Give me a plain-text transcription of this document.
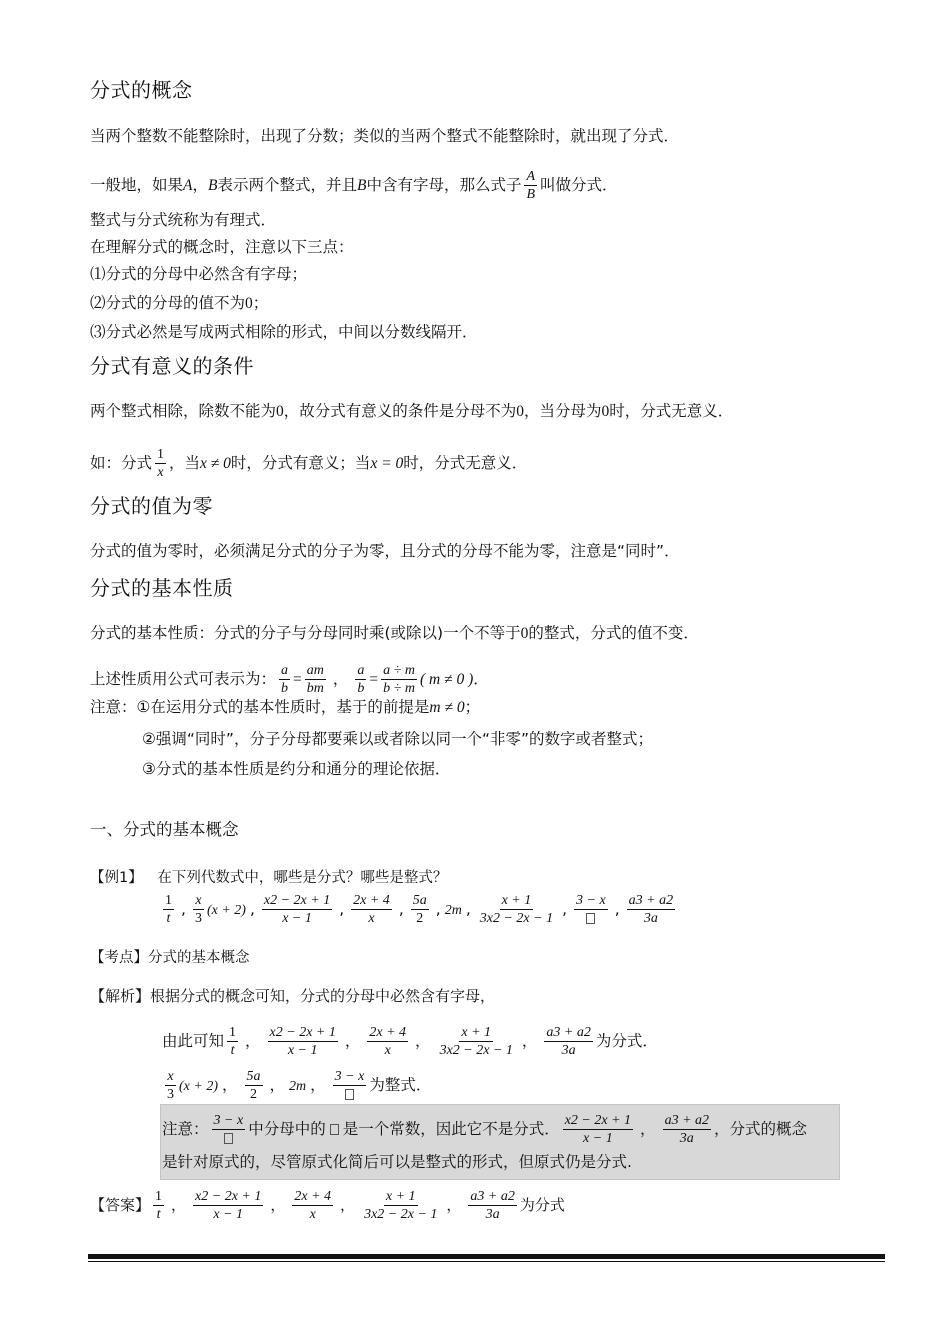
分式的概念
当两个整数不能整除时，出现了分数；类似的当两个整式不能整除时，就出现了分式．
一般地，如果A，B表示两个整式，并且B中含有字母，那么式子 $\frac{A}{B}$ 叫做分式．
整式与分式统称为有理式．
在理解分式的概念时，注意以下三点：
⑴分式的分母中必然含有字母；
⑵分式的分母的值不为0；
⑶分式必然是写成两式相除的形式，中间以分数线隔开．
分式有意义的条件
两个整式相除，除数不能为0，故分式有意义的条件是分母不为0，当分母为0时，分式无意义．
如：分式 $\frac{1}{x}$ ，当x ≠ 0时，分式有意义；当x = 0时，分式无意义．
分式的值为零
分式的值为零时，必须满足分式的分子为零，且分式的分母不能为零，注意是“同时”．
分式的基本性质
分式的基本性质：分式的分子与分母同时乘(或除以)一个不等于0的整式，分式的值不变．
上述性质用公式可表示为： $\frac{a}{b} = \frac{am}{bm}$ ， $\frac{a}{b} = \frac{a \div m}{b \div m}$ ( m ≠ 0 )．
注意：①在运用分式的基本性质时，基于的前提是m ≠ 0；
②强调“同时”，分子分母都要乘以或者除以同一个“非零”的数字或者整式；
③分式的基本性质是约分和通分的理论依据．
一、分式的基本概念
【例1】 在下列代数式中，哪些是分式？哪些是整式？
$\frac{1}{t}$ , $\frac{x}{3} (x + 2)$ , $\frac{x2 - 2x + 1}{x - 1}$ , $\frac{2x + 4}{x}$ , $\frac{5a}{2}$ , 2m , $\frac{x + 1}{3x2 - 2x - 1}$ , 3 − x , $\frac{a3 + a2}{3a}$
【考点】分式的基本概念
【解析】根据分式的概念可知，分式的分母中必然含有字母，
由此可知 $\frac{1}{t}$ ， $\frac{x2 - 2x + 1}{x - 1}$ ， $\frac{2x + 4}{x}$ ， $\frac{x + 1}{3x2 - 2x - 1}$ ， $\frac{a3 + a2}{3a}$ 为分式．
$\frac{x}{3} (x + 2)$ ， $\frac{5a}{2}$ ， 2m ， 3 − x 为整式．
注意： 3 − x 中分母中的 是一个常数，因此它不是分式． $\frac{x2 - 2x + 1}{x - 1}$ ， $\frac{a3 + a2}{3a}$ ，分式的概念
是针对原式的，尽管原式化简后可以是整式的形式，但原式仍是分式.
【答案】 $\frac{1}{t}$ ， $\frac{x2 - 2x + 1}{x - 1}$ ， $\frac{2x + 4}{x}$ ， $\frac{x + 1}{3x2 - 2x - 1}$ ， $\frac{a3 + a2}{3a}$ 为分式
